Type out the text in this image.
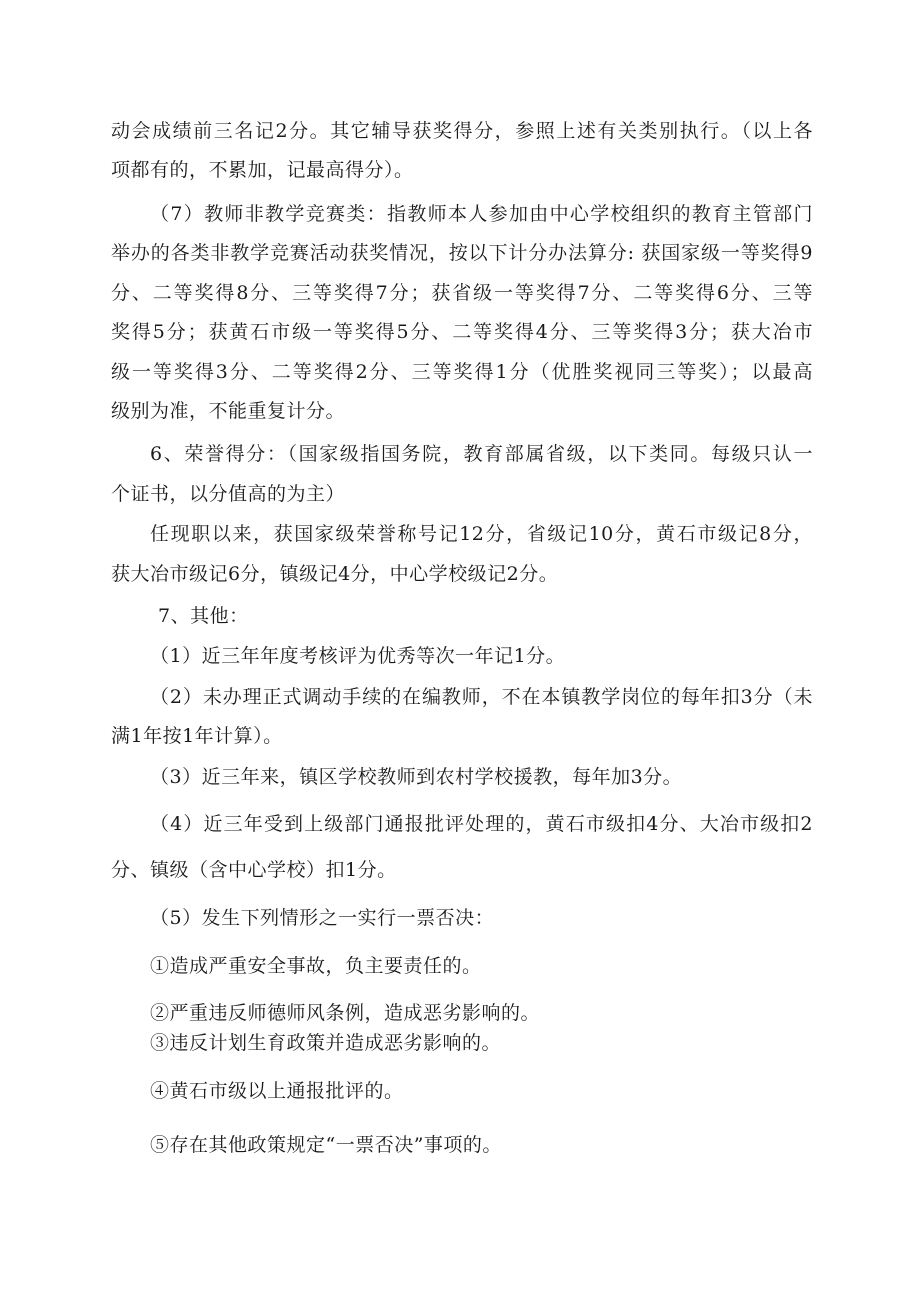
动会成绩前三名记2分。其它辅导获奖得分，参照上述有关类别执行。（以上各
项都有的，不累加，记最高得分）。
（7）教师非教学竞赛类：指教师本人参加由中心学校组织的教育主管部门
举办的各类非教学竞赛活动获奖情况，按以下计分办法算分: 获国家级一等奖得9
分、二等奖得8分、三等奖得7分；获省级一等奖得7分、二等奖得6分、三等
奖得5分；获黄石市级一等奖得5分、二等奖得4分、三等奖得3分；获大冶市
级一等奖得3分、二等奖得2分、三等奖得1分（优胜奖视同三等奖）；以最高
级别为准，不能重复计分。
6、荣誉得分：（国家级指国务院，教育部属省级，以下类同。每级只认一
个证书，以分值高的为主）
任现职以来，获国家级荣誉称号记12分，省级记10分，黄石市级记8分，
获大冶市级记6分，镇级记4分，中心学校级记2分。
7、其他：
（1）近三年年度考核评为优秀等次一年记1分。
（2）未办理正式调动手续的在编教师，不在本镇教学岗位的每年扣3分（未
满1年按1年计算）。
（3）近三年来，镇区学校教师到农村学校援教，每年加3分。
（4）近三年受到上级部门通报批评处理的，黄石市级扣4分、大冶市级扣2
分、镇级（含中心学校）扣1分。
（5）发生下列情形之一实行一票否决：
①造成严重安全事故，负主要责任的。
②严重违反师德师风条例，造成恶劣影响的。
③违反计划生育政策并造成恶劣影响的。
④黄石市级以上通报批评的。
⑤存在其他政策规定“一票否决”事项的。
